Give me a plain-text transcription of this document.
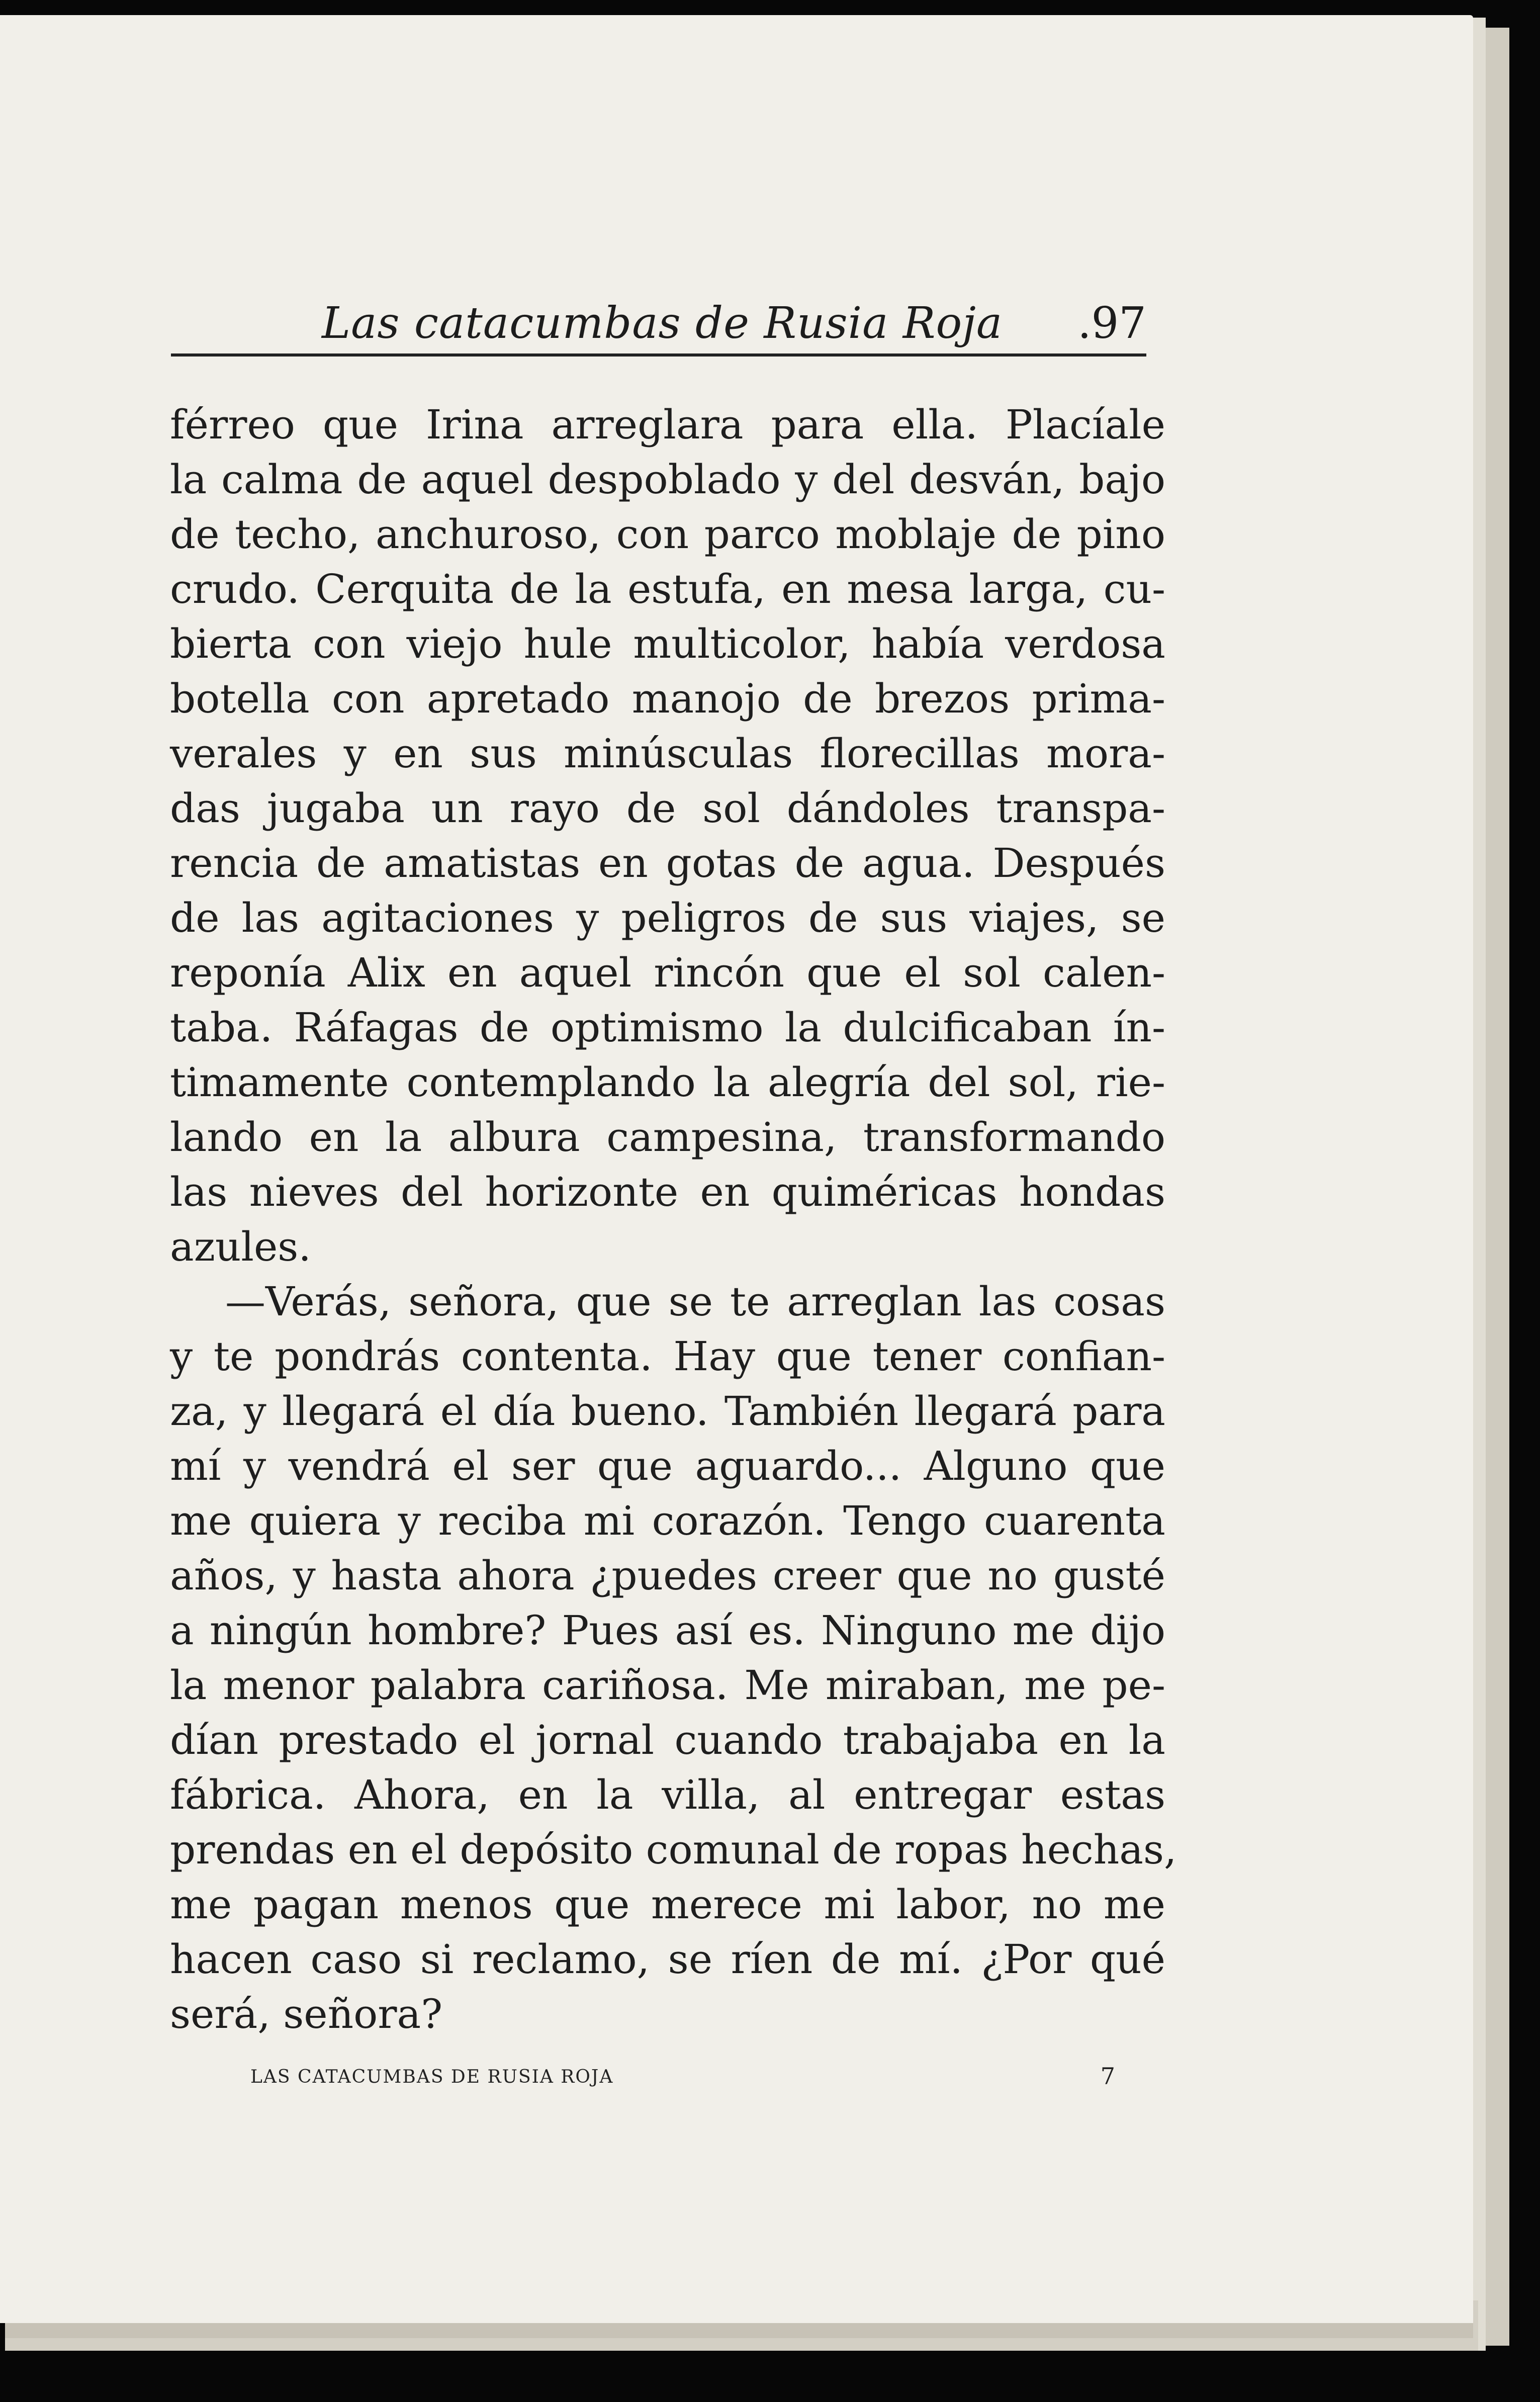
Las catacumbas de Rusia Roja .97
férreo que Irina arreglara para ella. Placíale
la calma de aquel despoblado y del desván, bajo
de techo, anchuroso, con parco moblaje de pino
crudo. Cerquita de la estufa, en mesa larga, cu-
bierta con viejo hule multicolor, había verdosa
botella con apretado manojo de brezos prima-
verales y en sus minúsculas florecillas mora-
das jugaba un rayo de sol dándoles transpa-
rencia de amatistas en gotas de agua. Después
de las agitaciones y peligros de sus viajes, se
reponía Alix en aquel rincón que el sol calen-
taba. Ráfagas de optimismo la dulcificaban ín-
timamente contemplando la alegría del sol, rie-
lando en la albura campesina, transformando
las nieves del horizonte en quiméricas hondas
azules.
—Verás, señora, que se te arreglan las cosas
y te pondrás contenta. Hay que tener confian-
za, y llegará el día bueno. También llegará para
mí y vendrá el ser que aguardo... Alguno que
me quiera y reciba mi corazón. Tengo cuarenta
años, y hasta ahora ¿puedes creer que no gusté
a ningún hombre? Pues así es. Ninguno me dijo
la menor palabra cariñosa. Me miraban, me pe-
dían prestado el jornal cuando trabajaba en la
fábrica. Ahora, en la villa, al entregar estas
prendas en el depósito comunal de ropas hechas,
me pagan menos que merece mi labor, no me
hacen caso si reclamo, se ríen de mí. ¿Por qué
será, señora?
LAS CATACUMBAS DE RUSIA ROJA	7
